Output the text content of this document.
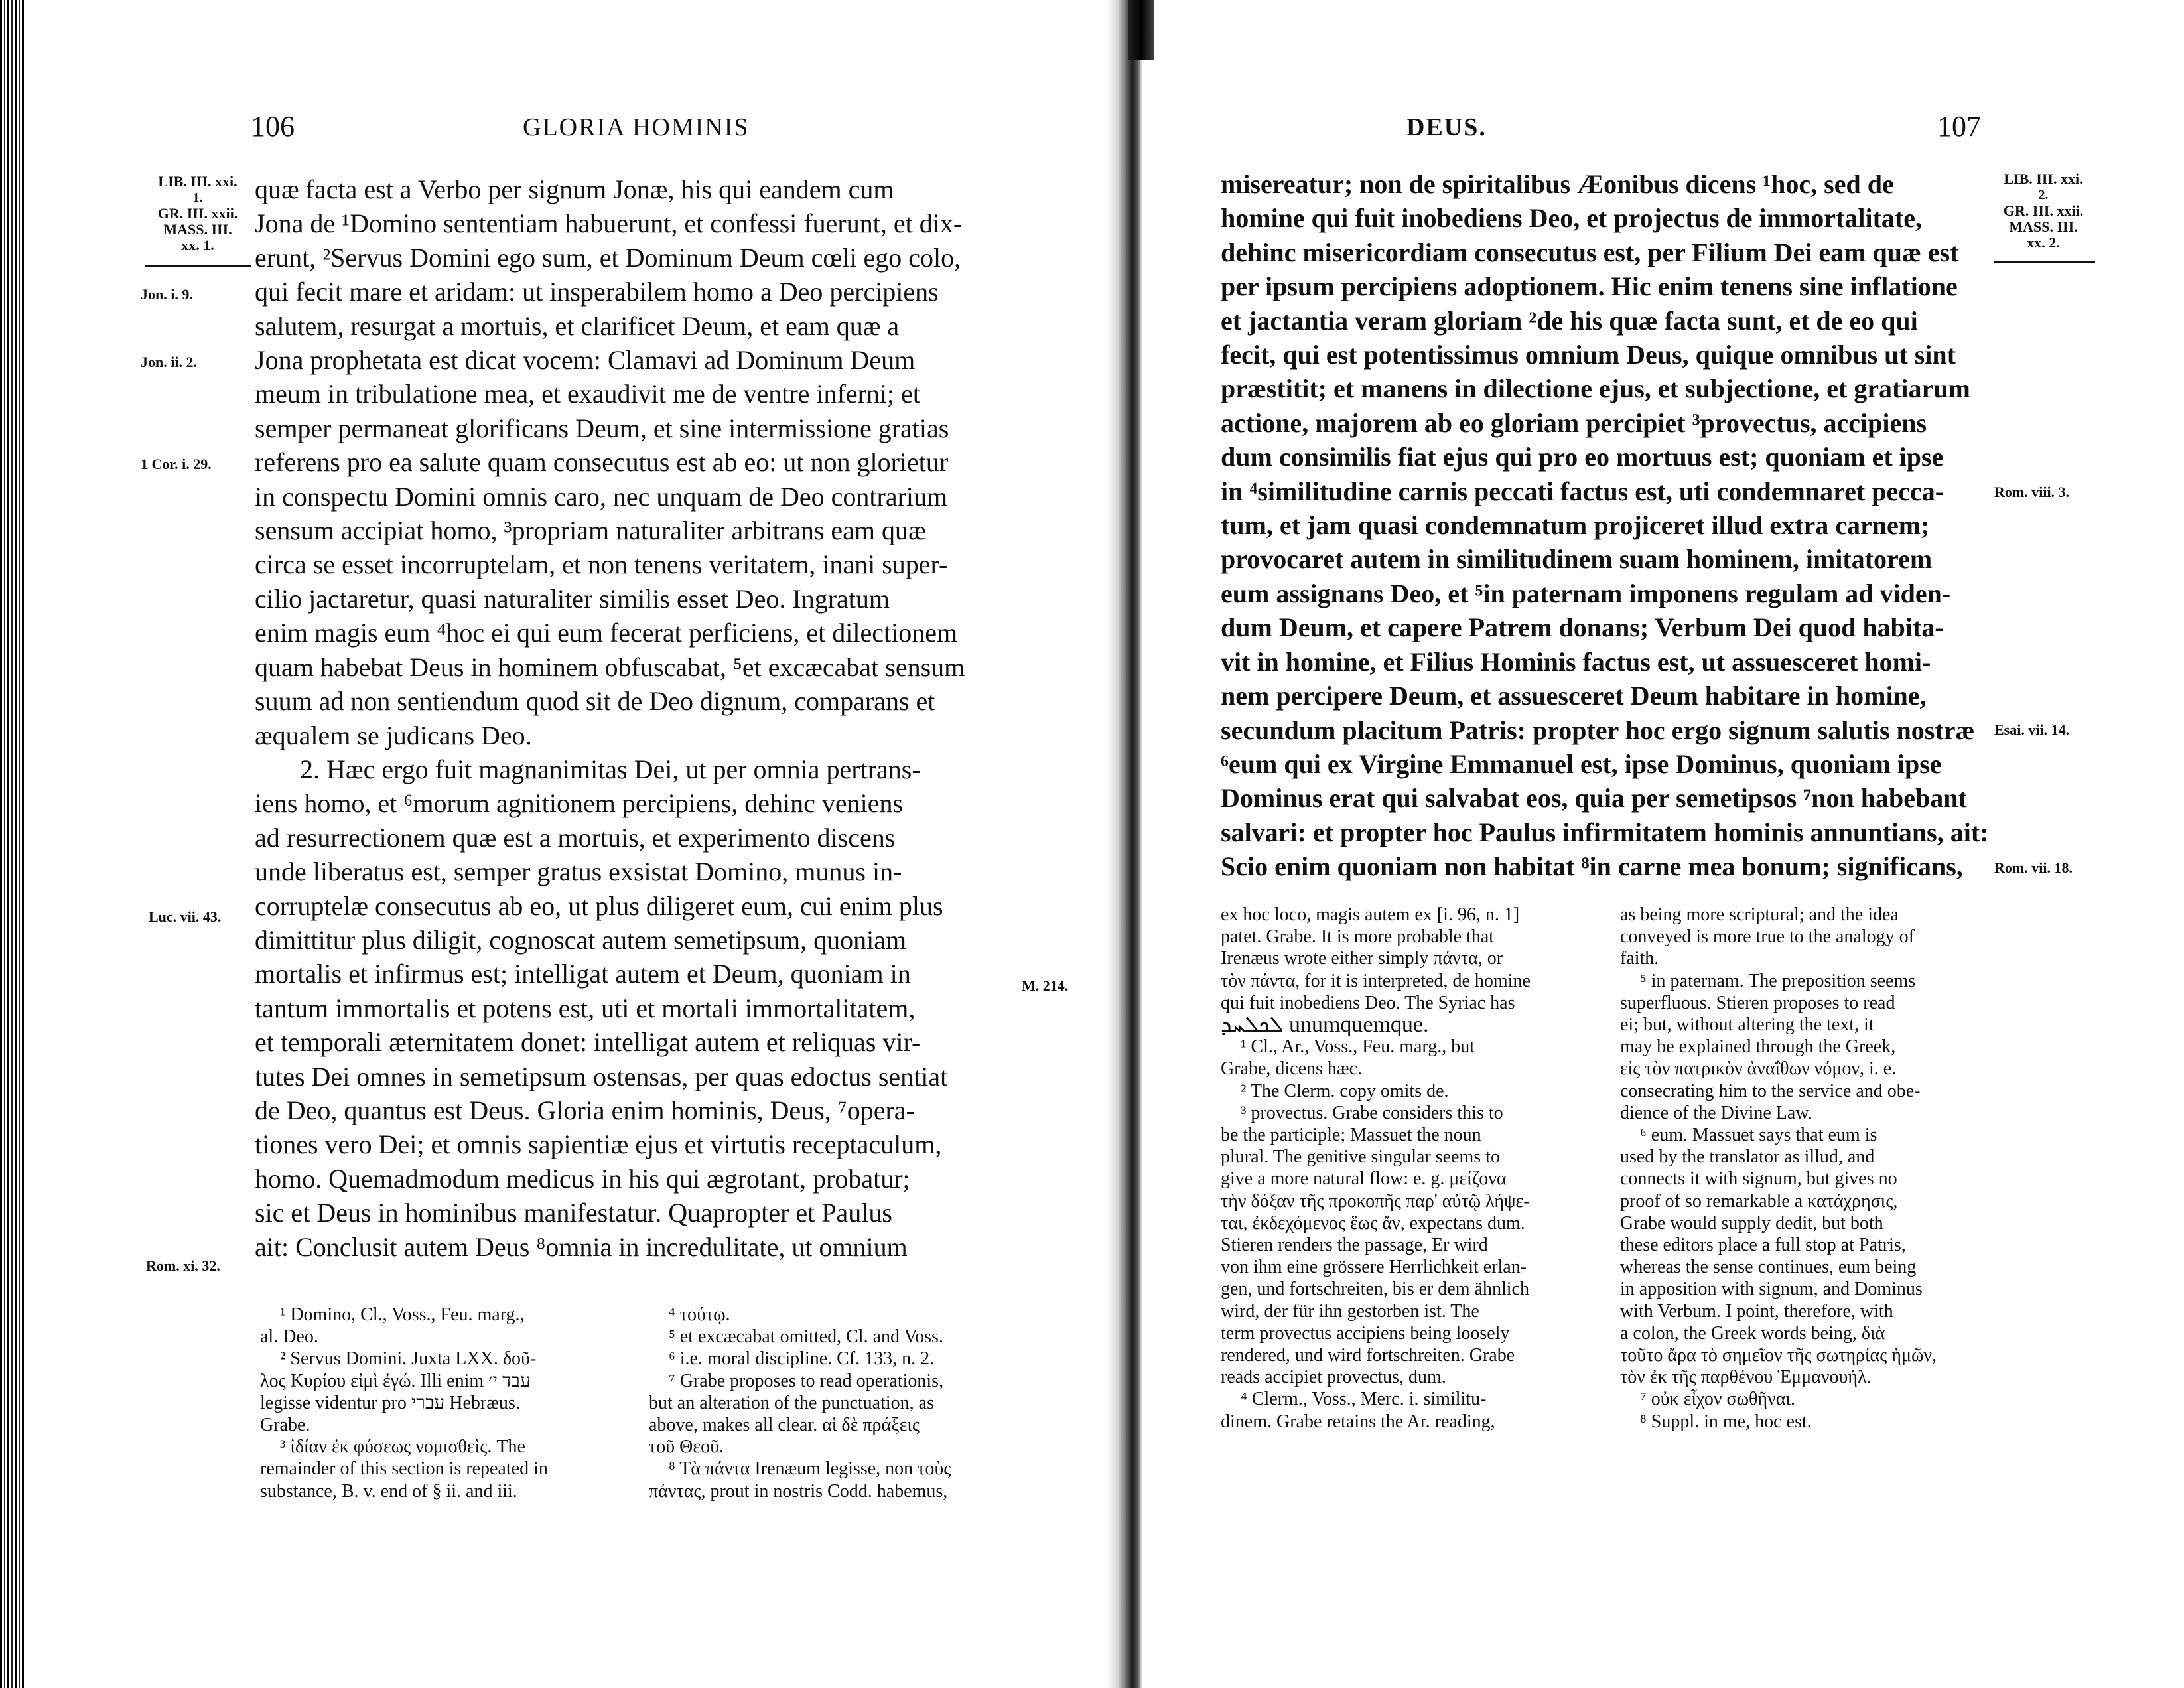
106	GLORIA HOMINIS
LIB. III. xxi.
1.
GR. III. xxii.
MASS. III.
xx. 1.
Jon. i. 9.
Jon. ii. 2.
1 Cor. i. 29.
Luc. vii. 43.
M. 214.
Rom. xi. 32.
quæ facta est a Verbo per signum Jonæ, his qui eandem cum
Jona de ¹Domino sententiam habuerunt, et confessi fuerunt, et dix-
erunt, ²Servus Domini ego sum, et Dominum Deum cœli ego colo,
qui fecit mare et aridam: ut insperabilem homo a Deo percipiens
salutem, resurgat a mortuis, et clarificet Deum, et eam quæ a
Jona prophetata est dicat vocem: Clamavi ad Dominum Deum
meum in tribulatione mea, et exaudivit me de ventre inferni; et
semper permaneat glorificans Deum, et sine intermissione gratias
referens pro ea salute quam consecutus est ab eo: ut non glorietur
in conspectu Domini omnis caro, nec unquam de Deo contrarium
sensum accipiat homo, ³propriam naturaliter arbitrans eam quæ
circa se esset incorruptelam, et non tenens veritatem, inani super-
cilio jactaretur, quasi naturaliter similis esset Deo. Ingratum
enim magis eum ⁴hoc ei qui eum fecerat perficiens, et dilectionem
quam habebat Deus in hominem obfuscabat, ⁵et excæcabat sensum
suum ad non sentiendum quod sit de Deo dignum, comparans et
æqualem se judicans Deo.
2. Hæc ergo fuit magnanimitas Dei, ut per omnia pertrans-
iens homo, et ⁶morum agnitionem percipiens, dehinc veniens
ad resurrectionem quæ est a mortuis, et experimento discens
unde liberatus est, semper gratus exsistat Domino, munus in-
corruptelæ consecutus ab eo, ut plus diligeret eum, cui enim plus
dimittitur plus diligit, cognoscat autem semetipsum, quoniam
mortalis et infirmus est; intelligat autem et Deum, quoniam in
tantum immortalis et potens est, uti et mortali immortalitatem,
et temporali æternitatem donet: intelligat autem et reliquas vir-
tutes Dei omnes in semetipsum ostensas, per quas edoctus sentiat
de Deo, quantus est Deus. Gloria enim hominis, Deus, ⁷opera-
tiones vero Dei; et omnis sapientiæ ejus et virtutis receptaculum,
homo. Quemadmodum medicus in his qui ægrotant, probatur;
sic et Deus in hominibus manifestatur. Quapropter et Paulus
ait: Conclusit autem Deus ⁸omnia in incredulitate, ut omnium
¹ Domino, Cl., Voss., Feu. marg.,
al. Deo.
² Servus Domini. Juxta LXX. δοῦ-
λος Κυρίου εἰμὶ ἐγώ. Illi enim עבד י׳
legisse videntur pro עברי Hebræus.
Grabe.
³ ἰδίαν ἐκ φύσεως νομισθεὶς. The
remainder of this section is repeated in
substance, B. v. end of § ii. and iii.
⁴ τούτῳ.
⁵ et excæcabat omitted, Cl. and Voss.
⁶ i.e. moral discipline. Cf. 133, n. 2.
⁷ Grabe proposes to read operationis,
but an alteration of the punctuation, as
above, makes all clear. αἱ δὲ πράξεις
τοῦ Θεοῦ.
⁸ Τὰ πάντα Irenæum legisse, non τοὺς
πάντας, prout in nostris Codd. habemus,
DEUS.	107
LIB. III. xxi.
2.
GR. III. xxii.
MASS. III.
xx. 2.
Rom. viii. 3.
Esai. vii. 14.
Rom. vii. 18.
misereatur; non de spiritalibus Æonibus dicens ¹hoc, sed de
homine qui fuit inobediens Deo, et projectus de immortalitate,
dehinc misericordiam consecutus est, per Filium Dei eam quæ est
per ipsum percipiens adoptionem. Hic enim tenens sine inflatione
et jactantia veram gloriam ²de his quæ facta sunt, et de eo qui
fecit, qui est potentissimus omnium Deus, quique omnibus ut sint
præstitit; et manens in dilectione ejus, et subjectione, et gratiarum
actione, majorem ab eo gloriam percipiet ³provectus, accipiens
dum consimilis fiat ejus qui pro eo mortuus est; quoniam et ipse
in ⁴similitudine carnis peccati factus est, uti condemnaret pecca-
tum, et jam quasi condemnatum projiceret illud extra carnem;
provocaret autem in similitudinem suam hominem, imitatorem
eum assignans Deo, et ⁵in paternam imponens regulam ad viden-
dum Deum, et capere Patrem donans; Verbum Dei quod habita-
vit in homine, et Filius Hominis factus est, ut assuesceret homi-
nem percipere Deum, et assuesceret Deum habitare in homine,
secundum placitum Patris: propter hoc ergo signum salutis nostræ
⁶eum qui ex Virgine Emmanuel est, ipse Dominus, quoniam ipse
Dominus erat qui salvabat eos, quia per semetipsos ⁷non habebant
salvari: et propter hoc Paulus infirmitatem hominis annuntians, ait:
Scio enim quoniam non habitat ⁸in carne mea bonum; significans,
ex hoc loco, magis autem ex [i. 96, n. 1]
patet. Grabe. It is more probable that
Irenæus wrote either simply πάντα, or
τὸν πάντα, for it is interpreted, de homine
qui fuit inobediens Deo. The Syriac has
ܠܟܠܚܕ unumquemque.
¹ Cl., Ar., Voss., Feu. marg., but
Grabe, dicens hæc.
² The Clerm. copy omits de.
³ provectus. Grabe considers this to
be the participle; Massuet the noun
plural. The genitive singular seems to
give a more natural flow: e. g. μείζονα
τὴν δόξαν τῆς προκοπῆς παρ' αὐτῷ λήψε-
ται, ἐκδεχόμενος ἕως ἄν, expectans dum.
Stieren renders the passage, Er wird
von ihm eine grössere Herrlichkeit erlan-
gen, und fortschreiten, bis er dem ähnlich
wird, der für ihn gestorben ist. The
term provectus accipiens being loosely
rendered, und wird fortschreiten. Grabe
reads accipiet provectus, dum.
⁴ Clerm., Voss., Merc. i. similitu-
dinem. Grabe retains the Ar. reading,
as being more scriptural; and the idea
conveyed is more true to the analogy of
faith.
⁵ in paternam. The preposition seems
superfluous. Stieren proposes to read
ei; but, without altering the text, it
may be explained through the Greek,
εἰς τὸν πατρικὸν ἀναΐθων νόμον, i. e.
consecrating him to the service and obe-
dience of the Divine Law.
⁶ eum. Massuet says that eum is
used by the translator as illud, and
connects it with signum, but gives no
proof of so remarkable a κατάχρησις,
Grabe would supply dedit, but both
these editors place a full stop at Patris,
whereas the sense continues, eum being
in apposition with signum, and Dominus
with Verbum. I point, therefore, with
a colon, the Greek words being, διὰ
τοῦτο ἄρα τὸ σημεῖον τῆς σωτηρίας ἡμῶν,
τὸν ἐκ τῆς παρθένου Ἐμμανουήλ.
⁷ οὐκ εἶχον σωθῆναι.
⁸ Suppl. in me, hoc est.
